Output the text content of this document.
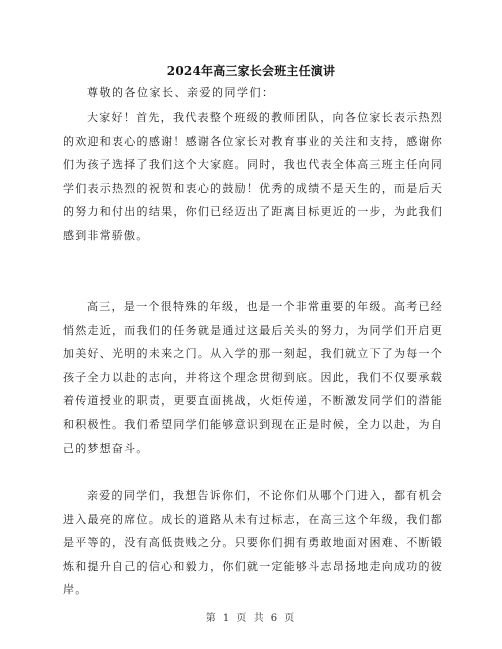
2024年高三家长会班主任演讲
尊敬的各位家长、亲爱的同学们：

大家好！首先，我代表整个班级的教师团队，向各位家长表示热烈的欢迎和衷心的感谢！感谢各位家长对教育事业的关注和支持，感谢你们为孩子选择了我们这个大家庭。同时，我也代表全体高三班主任向同学们表示热烈的祝贺和衷心的鼓励！优秀的成绩不是天生的，而是后天的努力和付出的结果，你们已经迈出了距离目标更近的一步，为此我们感到非常骄傲。

高三，是一个很特殊的年级，也是一个非常重要的年级。高考已经悄然走近，而我们的任务就是通过这最后关头的努力，为同学们开启更加美好、光明的未来之门。从入学的那一刻起，我们就立下了为每一个孩子全力以赴的志向，并将这个理念贯彻到底。因此，我们不仅要承载着传道授业的职责，更要直面挑战，火炬传递，不断激发同学们的潜能和积极性。我们希望同学们能够意识到现在正是时候，全力以赴，为自己的梦想奋斗。

亲爱的同学们，我想告诉你们，不论你们从哪个门进入，都有机会进入最亮的席位。成长的道路从未有过标志，在高三这个年级，我们都是平等的，没有高低贵贱之分。只要你们拥有勇敢地面对困难、不断锻炼和提升自己的信心和毅力，你们就一定能够斗志昂扬地走向成功的彼岸。

第 1 页 共 6 页
